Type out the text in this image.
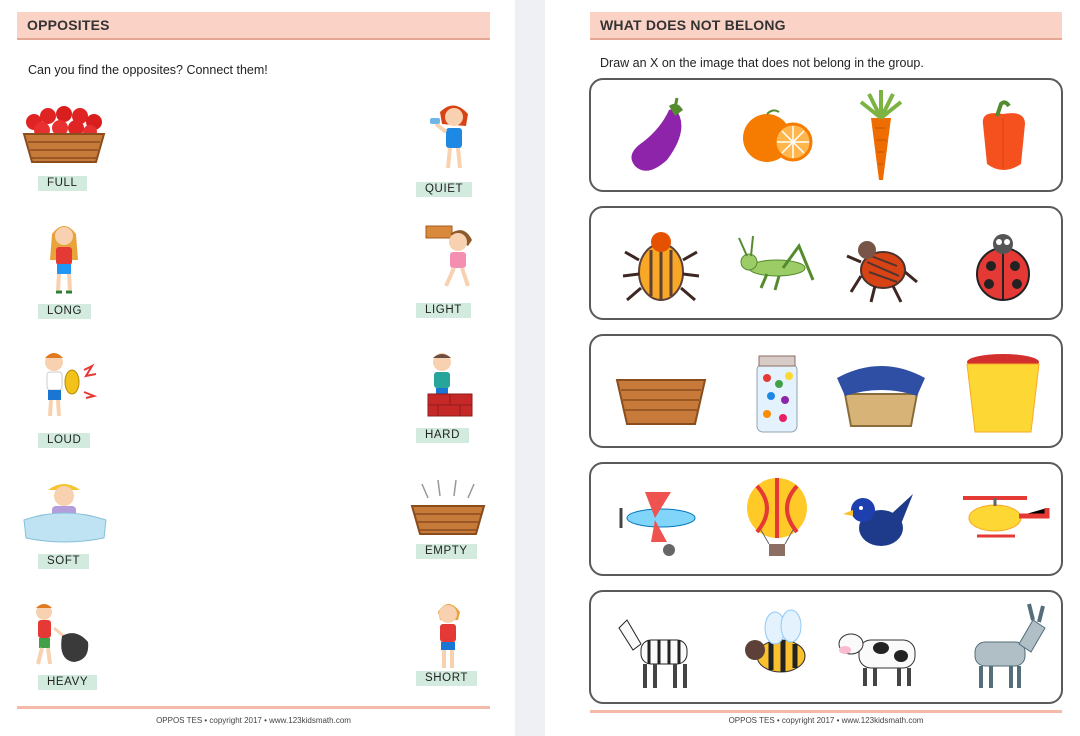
OPPOSITES
Can you find the opposites? Connect them!
FULL
LONG
LOUD
SOFT
HEAVY
QUIET
LIGHT
HARD
EMPTY
SHORT
OPPOS TES • copyright 2017 • www.123kidsmath.com
WHAT DOES NOT BELONG
Draw an X on the image that does not belong in the group.
OPPOS TES • copyright 2017 • www.123kidsmath.com
